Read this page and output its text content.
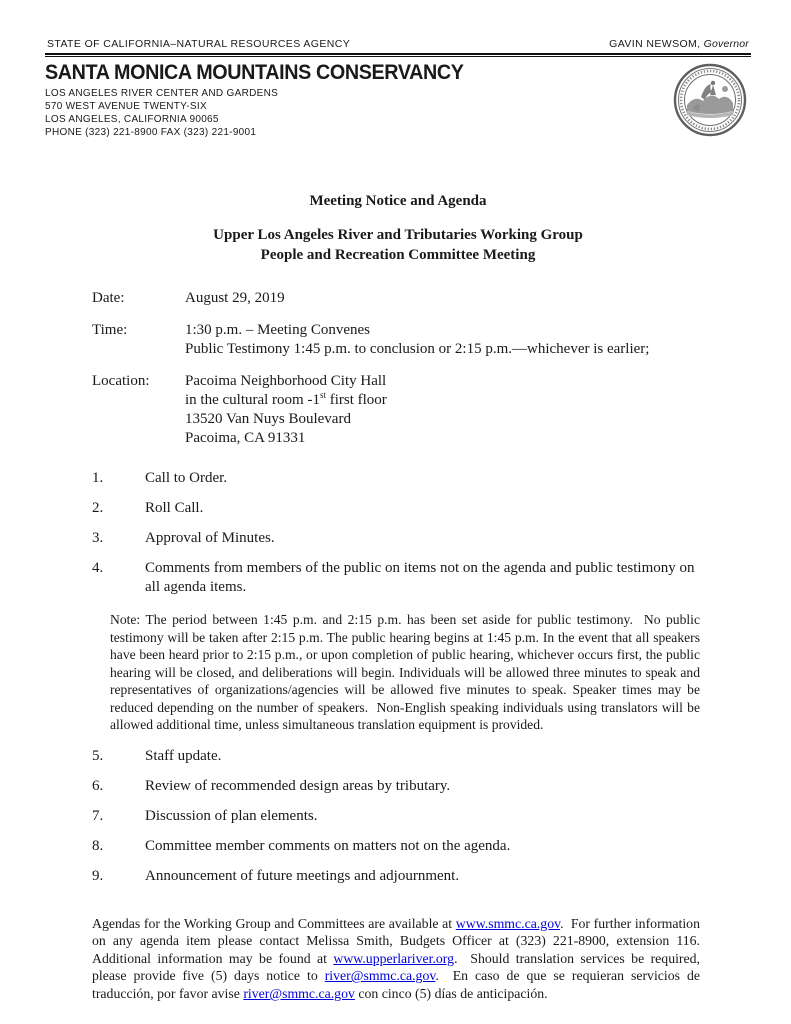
STATE OF CALIFORNIA–NATURAL RESOURCES AGENCY	GAVIN NEWSOM, Governor
SANTA MONICA MOUNTAINS CONSERVANCY
LOS ANGELES RIVER CENTER AND GARDENS
570 WEST AVENUE TWENTY-SIX
LOS ANGELES, CALIFORNIA 90065
PHONE (323) 221-8900 FAX (323) 221-9001
Meeting Notice and Agenda
Upper Los Angeles River and Tributaries Working Group
People and Recreation Committee Meeting
Date:	August 29, 2019
Time:	1:30 p.m. – Meeting Convenes
Public Testimony 1:45 p.m. to conclusion or 2:15 p.m.—whichever is earlier;
Location:	Pacoima Neighborhood City Hall
in the cultural room -1st first floor
13520 Van Nuys Boulevard
Pacoima, CA 91331
1.	Call to Order.
2.	Roll Call.
3.	Approval of Minutes.
4.	Comments from members of the public on items not on the agenda and public testimony on all agenda items.
Note: The period between 1:45 p.m. and 2:15 p.m. has been set aside for public testimony.  No public testimony will be taken after 2:15 p.m. The public hearing begins at 1:45 p.m. In the event that all speakers have been heard prior to 2:15 p.m., or upon completion of public hearing, whichever occurs first, the public hearing will be closed, and deliberations will begin. Individuals will be allowed three minutes to speak and representatives of organizations/agencies will be allowed five minutes to speak. Speaker times may be reduced depending on the number of speakers.  Non-English speaking individuals using translators will be allowed additional time, unless simultaneous translation equipment is provided.
5.	Staff update.
6.	Review of recommended design areas by tributary.
7.	Discussion of plan elements.
8.	Committee member comments on matters not on the agenda.
9.	Announcement of future meetings and adjournment.
Agendas for the Working Group and Committees are available at www.smmc.ca.gov.  For further information on any agenda item please contact Melissa Smith, Budgets Officer at (323) 221-8900, extension 116.  Additional information may be found at www.upperlariver.org.  Should translation services be required, please provide five (5) days notice to river@smmc.ca.gov.  En caso de que se requieran servicios de traducción, por favor avise river@smmc.ca.gov con cinco (5) días de anticipación.
